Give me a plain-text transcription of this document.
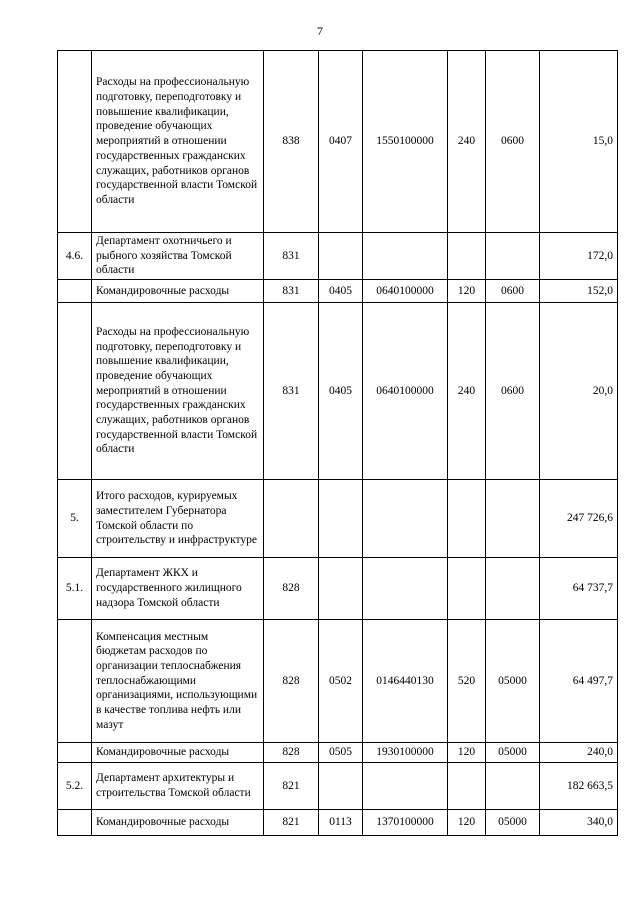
7
	Расходы на профессиональную подготовку, переподготовку и повышение квалификации, проведение обучающих мероприятий в отношении государственных гражданских служащих, работников органов государственной власти Томской области	838	0407	1550100000	240	0600	15,0
4.6.	Департамент охотничьего и рыбного хозяйства Томской области	831					172,0
	Командировочные расходы	831	0405	0640100000	120	0600	152,0
	Расходы на профессиональную подготовку, переподготовку и повышение квалификации, проведение обучающих мероприятий в отношении государственных гражданских служащих, работников органов государственной власти Томской области	831	0405	0640100000	240	0600	20,0
5.	Итого расходов, курируемых заместителем Губернатора Томской области по строительству и инфраструктуре						247 726,6
5.1.	Департамент ЖКХ и государственного жилищного надзора Томской области	828					64 737,7
	Компенсация местным бюджетам расходов по организации теплоснабжения теплоснабжающими организациями, использующими в качестве топлива нефть или мазут	828	0502	0146440130	520	05000	64 497,7
	Командировочные расходы	828	0505	1930100000	120	05000	240,0
5.2.	Департамент архитектуры и строительства Томской области	821					182 663,5
	Командировочные расходы	821	0113	1370100000	120	05000	340,0
